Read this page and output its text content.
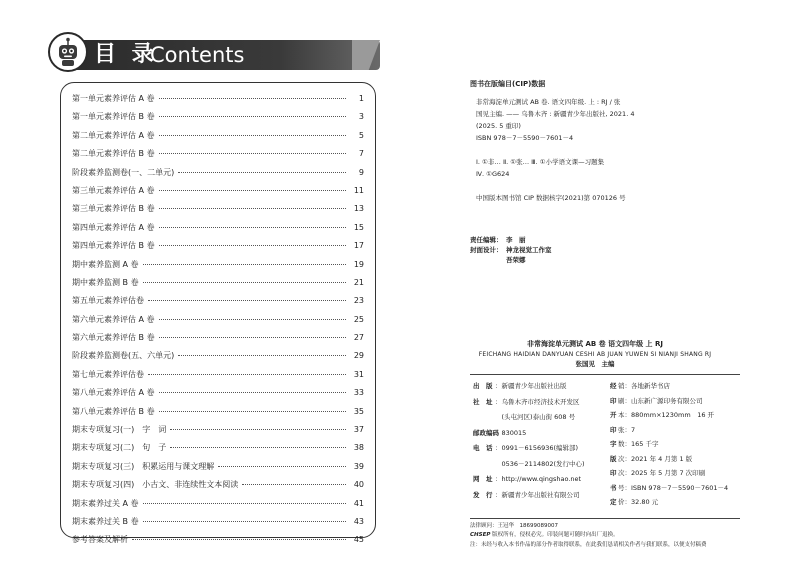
目 录
Contents
第一单元素养评估 A 卷	1
第一单元素养评估 B 卷	3
第二单元素养评估 A 卷	5
第二单元素养评估 B 卷	7
阶段素养监测卷(一、二单元)	9
第三单元素养评估 A 卷	11
第三单元素养评估 B 卷	13
第四单元素养评估 A 卷	15
第四单元素养评估 B 卷	17
期中素养监测 A 卷	19
期中素养监测 B 卷	21
第五单元素养评估卷	23
第六单元素养评估 A 卷	25
第六单元素养评估 B 卷	27
阶段素养监测卷(五、六单元)	29
第七单元素养评估卷	31
第八单元素养评估 A 卷	33
第八单元素养评估 B 卷	35
期末专项复习(一)　字　词	37
期末专项复习(二)　句　子	38
期末专项复习(三)　积累运用与课文理解	39
期末专项复习(四)　小古文、非连续性文本阅读	40
期末素养过关 A 卷	41
期末素养过关 B 卷	43
参考答案及解析	45
图书在版编目(CIP)数据
非常海淀单元测试 AB 卷. 语文四年级. 上 : RJ / 张
国见主编. —— 乌鲁木齐 : 新疆青少年出版社, 2021. 4
(2025. 5 重印)
ISBN 978－7－5590－7601－4
Ⅰ. ①非… Ⅱ. ①张… Ⅲ. ①小学语文课—习题集
Ⅳ. ①G624
中国版本图书馆 CIP 数据核字(2021)第 070126 号
责任编辑： 李　丽
封面设计： 神龙视觉工作室
吾荣娜
非常海淀单元测试 AB 卷 语文四年级 上 RJ
FEICHANG HAIDIAN DANYUAN CESHI AB JUAN YUWEN SI NIANJI SHANG RJ
张国见　主编
出　版 ：新疆青少年出版社出版
社　址 ：乌鲁木齐市经济技术开发区
　(头屯河区)泰山街 608 号
邮政编码：830015
电　话 ：0991－6156936(编辑部)
　0536－2114802(发行中心)
网　址 ：http://www.qingshao.net
发　行 ：新疆青少年出版社有限公司
经 销：各地新华书店
印 刷：山东新广源印务有限公司
开 本：880mm×1230mm　16 开
印 张：7
字 数：165 千字
版 次：2021 年 4 月第 1 版
印 次：2025 年 5 月第 7 次印刷
书 号：ISBN 978－7－5590－7601－4
定 价：32.80 元
法律顾问：王冠华　18699089007
CHSEP 版权所有，侵权必究。印装问题可随时向出厂退换。
注：未经与收入本书作品的部分作者取得联系，在此我们恳请相关作者与我们联系，以便支付稿费
